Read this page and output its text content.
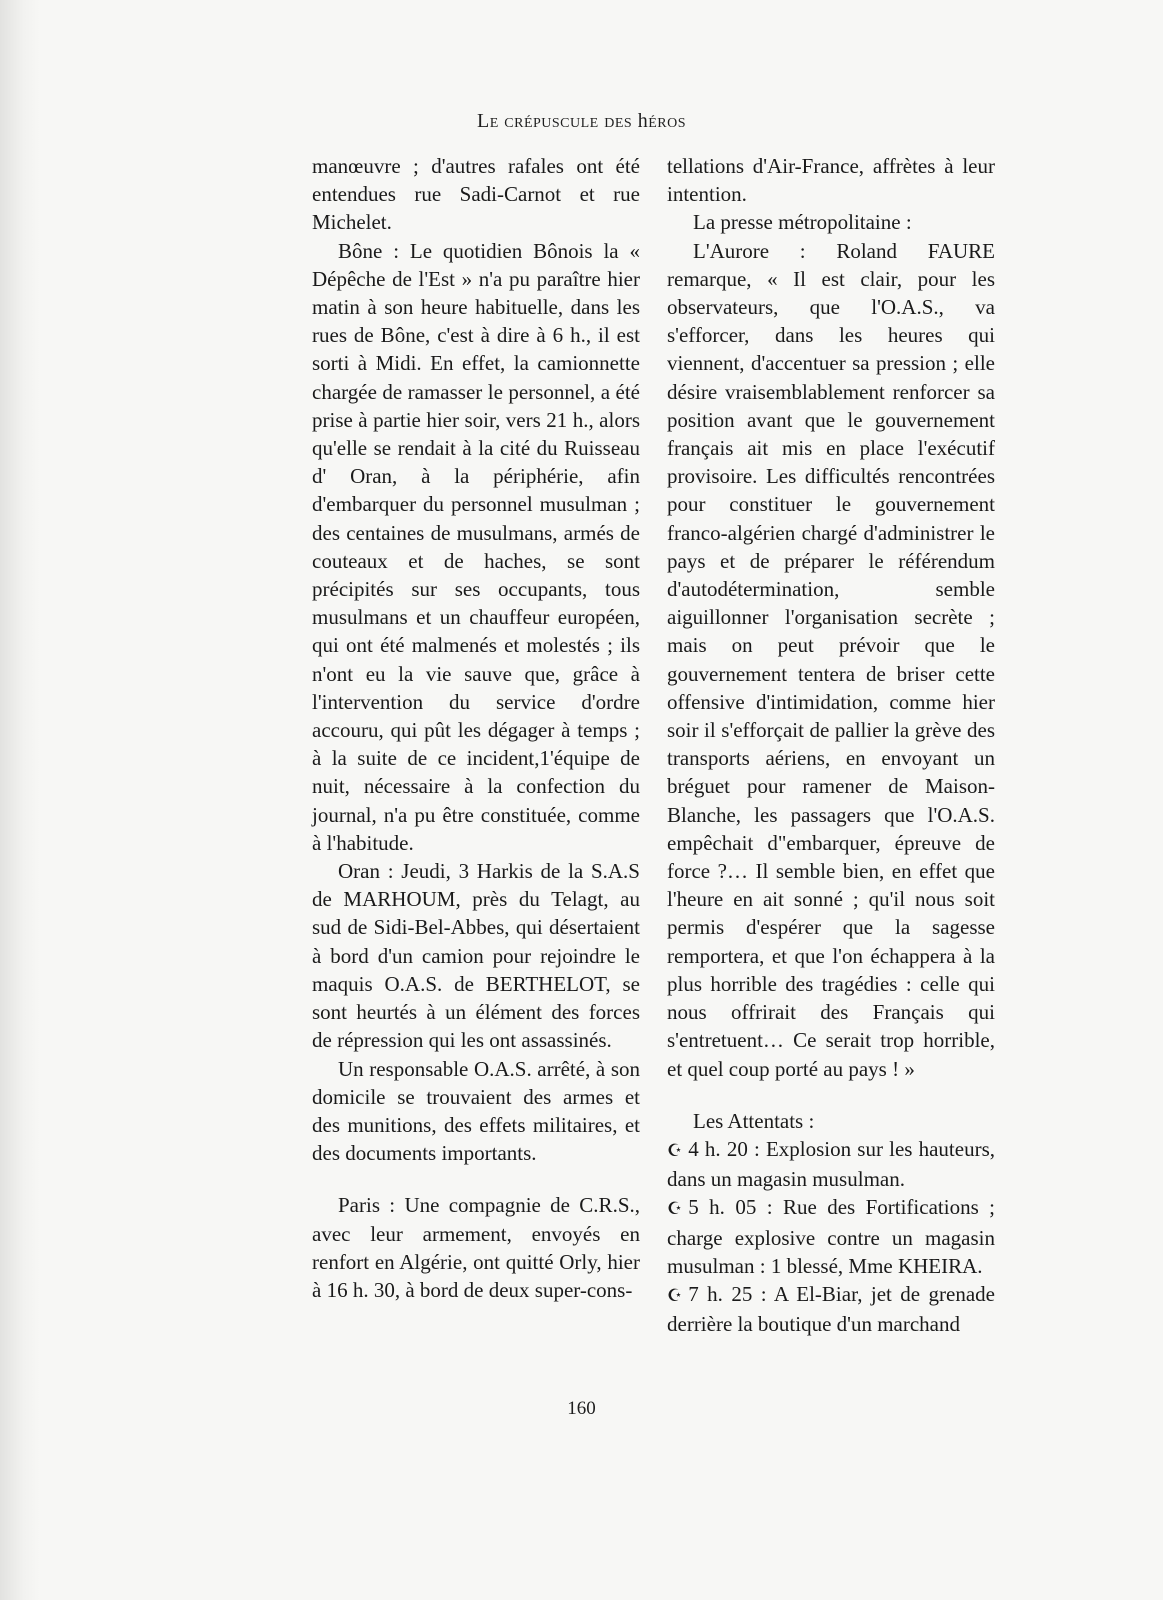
Le crépuscule des héros

manœuvre ; d'autres rafales ont été entendues rue Sadi-Carnot et rue Michelet.

Bône : Le quotidien Bônois la « Dépêche de l'Est » n'a pu paraître hier matin à son heure habituelle, dans les rues de Bône, c'est à dire à 6 h., il est sorti à Midi. En effet, la camionnette chargée de ramasser le personnel, a été prise à partie hier soir, vers 21 h., alors qu'elle se rendait à la cité du Ruisseau d' Oran, à la périphérie, afin d'embarquer du personnel musulman ; des centaines de musulmans, armés de couteaux et de haches, se sont précipités sur ses occupants, tous musulmans et un chauffeur européen, qui ont été malmenés et molestés ; ils n'ont eu la vie sauve que, grâce à l'intervention du service d'ordre accouru, qui pût les dégager à temps ; à la suite de ce incident,1'équipe de nuit, nécessaire à la confection du journal, n'a pu être constituée, comme à l'habitude.

Oran : Jeudi, 3 Harkis de la S.A.S de MARHOUM, près du Telagt, au sud de Sidi-Bel-Abbes, qui désertaient à bord d'un camion pour rejoindre le maquis O.A.S. de BERTHELOT, se sont heurtés à un élément des forces de répression qui les ont assassinés.

Un responsable O.A.S. arrêté, à son domicile se trouvaient des armes et des munitions, des effets militaires, et des documents importants.

Paris : Une compagnie de C.R.S., avec leur armement, envoyés en renfort en Algérie, ont quitté Orly, hier à 16 h. 30, à bord de deux super-cons-

tellations d'Air-France, affrètes à leur intention.

La presse métropolitaine :

L'Aurore : Roland FAURE remarque, « Il est clair, pour les observateurs, que l'O.A.S., va s'efforcer, dans les heures qui viennent, d'accentuer sa pression ; elle désire vraisemblablement renforcer sa position avant que le gouvernement français ait mis en place l'exécutif provisoire. Les difficultés rencontrées pour constituer le gouvernement franco-algérien chargé d'administrer le pays et de préparer le référendum d'autodétermination, semble aiguillonner l'organisation secrète ; mais on peut prévoir que le gouvernement tentera de briser cette offensive d'intimidation, comme hier soir il s'efforçait de pallier la grève des transports aériens, en envoyant un bréguet pour ramener de Maison-Blanche, les passagers que l'O.A.S. empêchait d"embarquer, épreuve de force ?… Il semble bien, en effet que l'heure en ait sonné ; qu'il nous soit permis d'espérer que la sagesse remportera, et que l'on échappera à la plus horrible des tragédies : celle qui nous offrirait des Français qui s'entretuent… Ce serait trop horrible, et quel coup porté au pays ! »

Les Attentats :

☪ 4 h. 20 : Explosion sur les hauteurs, dans un magasin musulman.

☪ 5 h. 05 : Rue des Fortifications ; charge explosive contre un magasin musulman : 1 blessé, Mme KHEIRA.

☪ 7 h. 25 : A El-Biar, jet de grenade derrière la boutique d'un marchand

160
